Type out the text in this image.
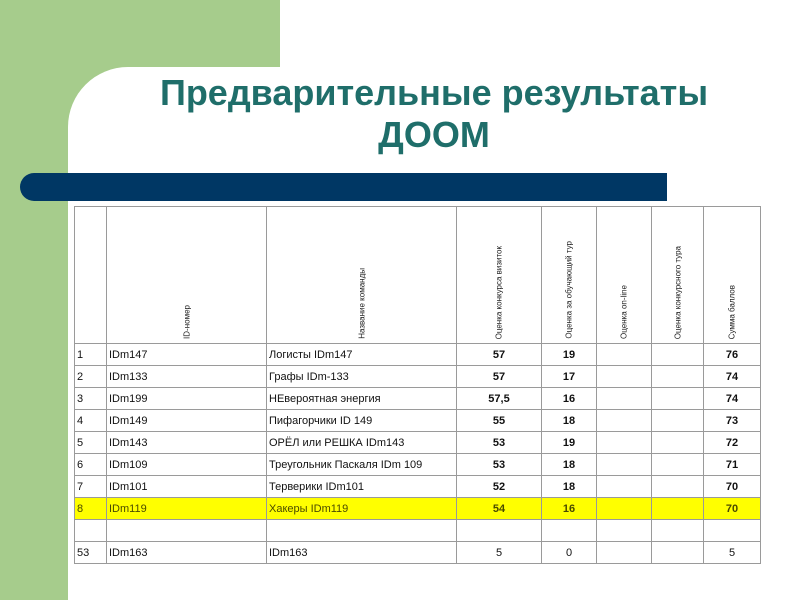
Предварительные результаты
ДООМ

	ID-номер	Название команды	Оценка конкурса визиток	Оценка за обучающий тур	Оценка on-line	Оценка конкурсного тура	Сумма баллов

1	IDm147	Логисты IDm147	57	19			76
2	IDm133	Графы IDm-133	57	17			74
3	IDm199	НЕвероятная энергия	57,5	16			74
4	IDm149	Пифагорчики ID 149	55	18			73
5	IDm143	ОРЁЛ или РЕШКА IDm143	53	19			72
6	IDm109	Треугольник Паскаля IDm 109	53	18			71
7	IDm101	Терверики IDm101	52	18			70
8	IDm119	Хакеры IDm119	54	16			70

53	IDm163	IDm163	5	0			5
